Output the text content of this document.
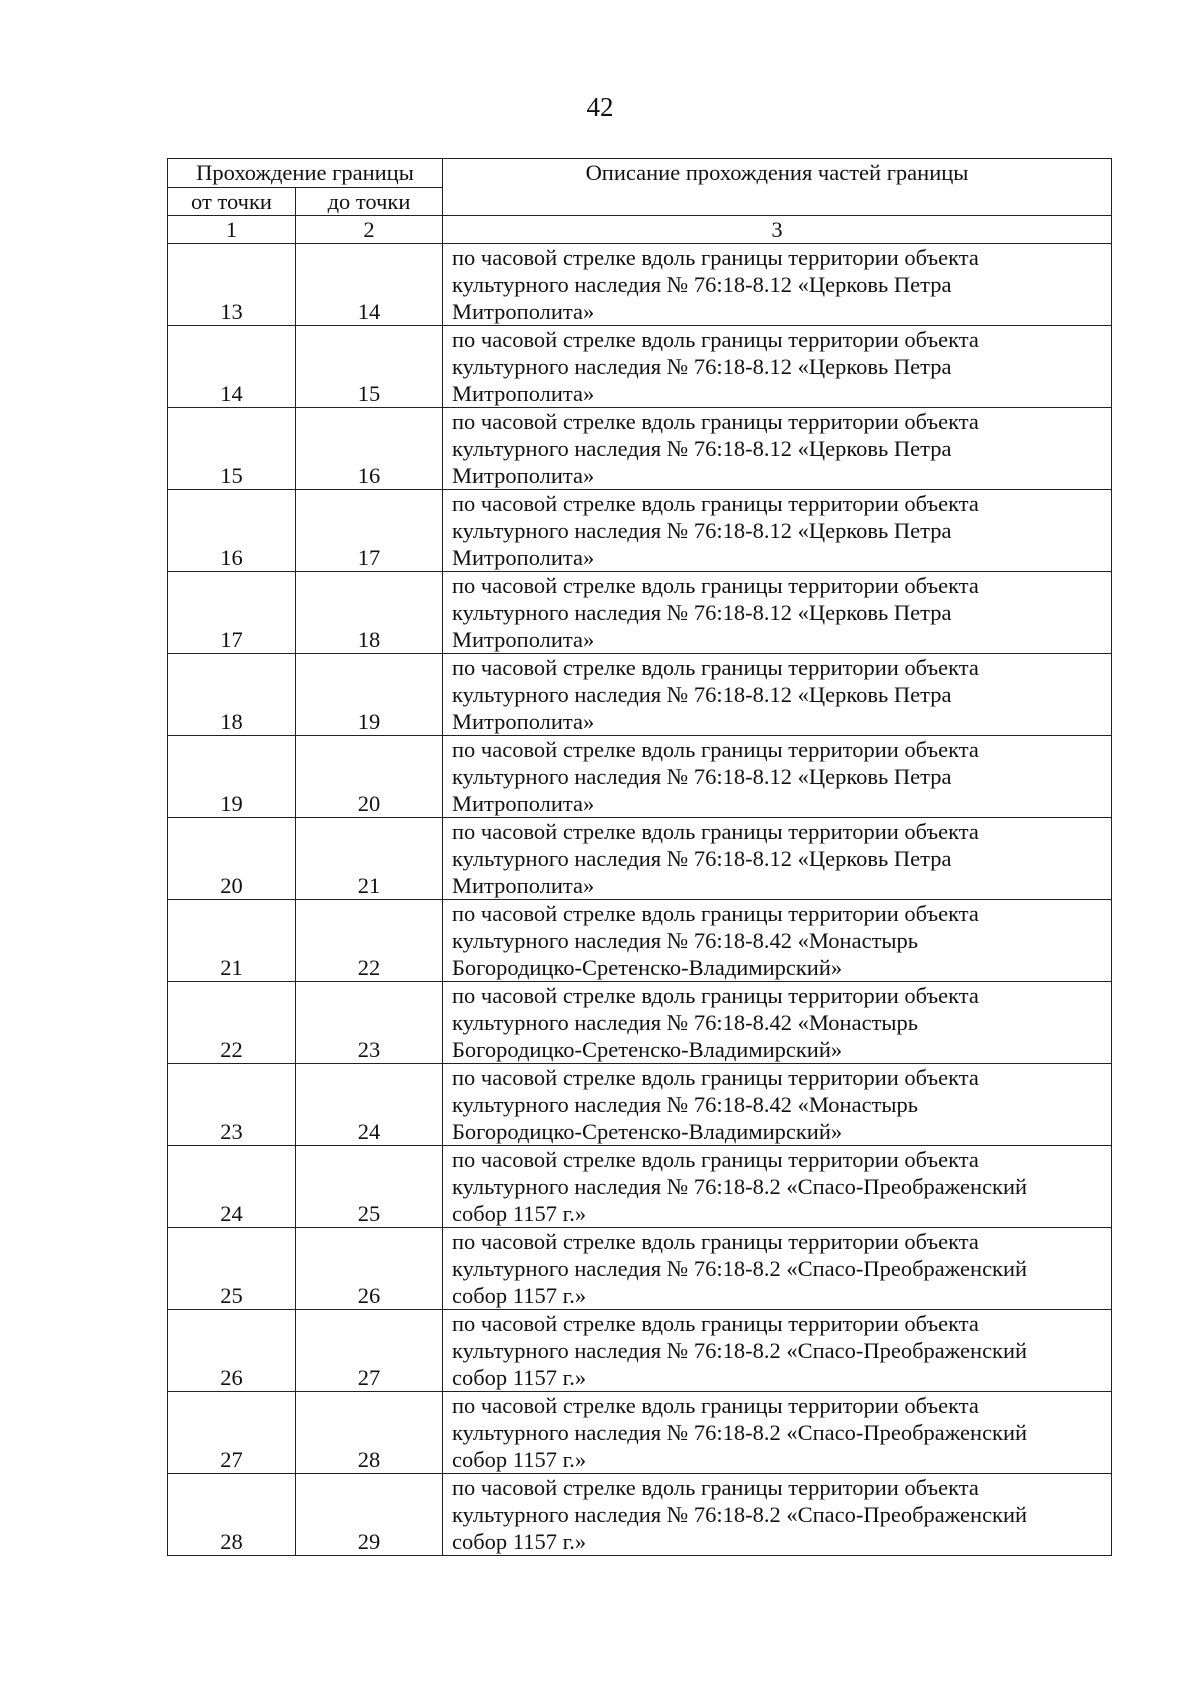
42
Прохождение границы		Описание прохождения частей границы
от точки	до точки	
1	2	3
13	14	по часовой стрелке вдоль границы территории объекта
культурного наследия № 76:18-8.12 «Церковь Петра
Митрополита»

14	15	по часовой стрелке вдоль границы территории объекта
культурного наследия № 76:18-8.12 «Церковь Петра
Митрополита»

15	16	по часовой стрелке вдоль границы территории объекта
культурного наследия № 76:18-8.12 «Церковь Петра
Митрополита»

16	17	по часовой стрелке вдоль границы территории объекта
культурного наследия № 76:18-8.12 «Церковь Петра
Митрополита»

17	18	по часовой стрелке вдоль границы территории объекта
культурного наследия № 76:18-8.12 «Церковь Петра
Митрополита»

18	19	по часовой стрелке вдоль границы территории объекта
культурного наследия № 76:18-8.12 «Церковь Петра
Митрополита»

19	20	по часовой стрелке вдоль границы территории объекта
культурного наследия № 76:18-8.12 «Церковь Петра
Митрополита»

20	21	по часовой стрелке вдоль границы территории объекта
культурного наследия № 76:18-8.12 «Церковь Петра
Митрополита»

21	22	по часовой стрелке вдоль границы территории объекта
культурного наследия № 76:18-8.42 «Монастырь
Богородицко-Сретенско-Владимирский»

22	23	по часовой стрелке вдоль границы территории объекта
культурного наследия № 76:18-8.42 «Монастырь
Богородицко-Сретенско-Владимирский»

23	24	по часовой стрелке вдоль границы территории объекта
культурного наследия № 76:18-8.42 «Монастырь
Богородицко-Сретенско-Владимирский»

24	25	по часовой стрелке вдоль границы территории объекта
культурного наследия № 76:18-8.2 «Спасо-Преображенский
собор 1157 г.»

25	26	по часовой стрелке вдоль границы территории объекта
культурного наследия № 76:18-8.2 «Спасо-Преображенский
собор 1157 г.»

26	27	по часовой стрелке вдоль границы территории объекта
культурного наследия № 76:18-8.2 «Спасо-Преображенский
собор 1157 г.»

27	28	по часовой стрелке вдоль границы территории объекта
культурного наследия № 76:18-8.2 «Спасо-Преображенский
собор 1157 г.»

28	29	по часовой стрелке вдоль границы территории объекта
культурного наследия № 76:18-8.2 «Спасо-Преображенский
собор 1157 г.»
